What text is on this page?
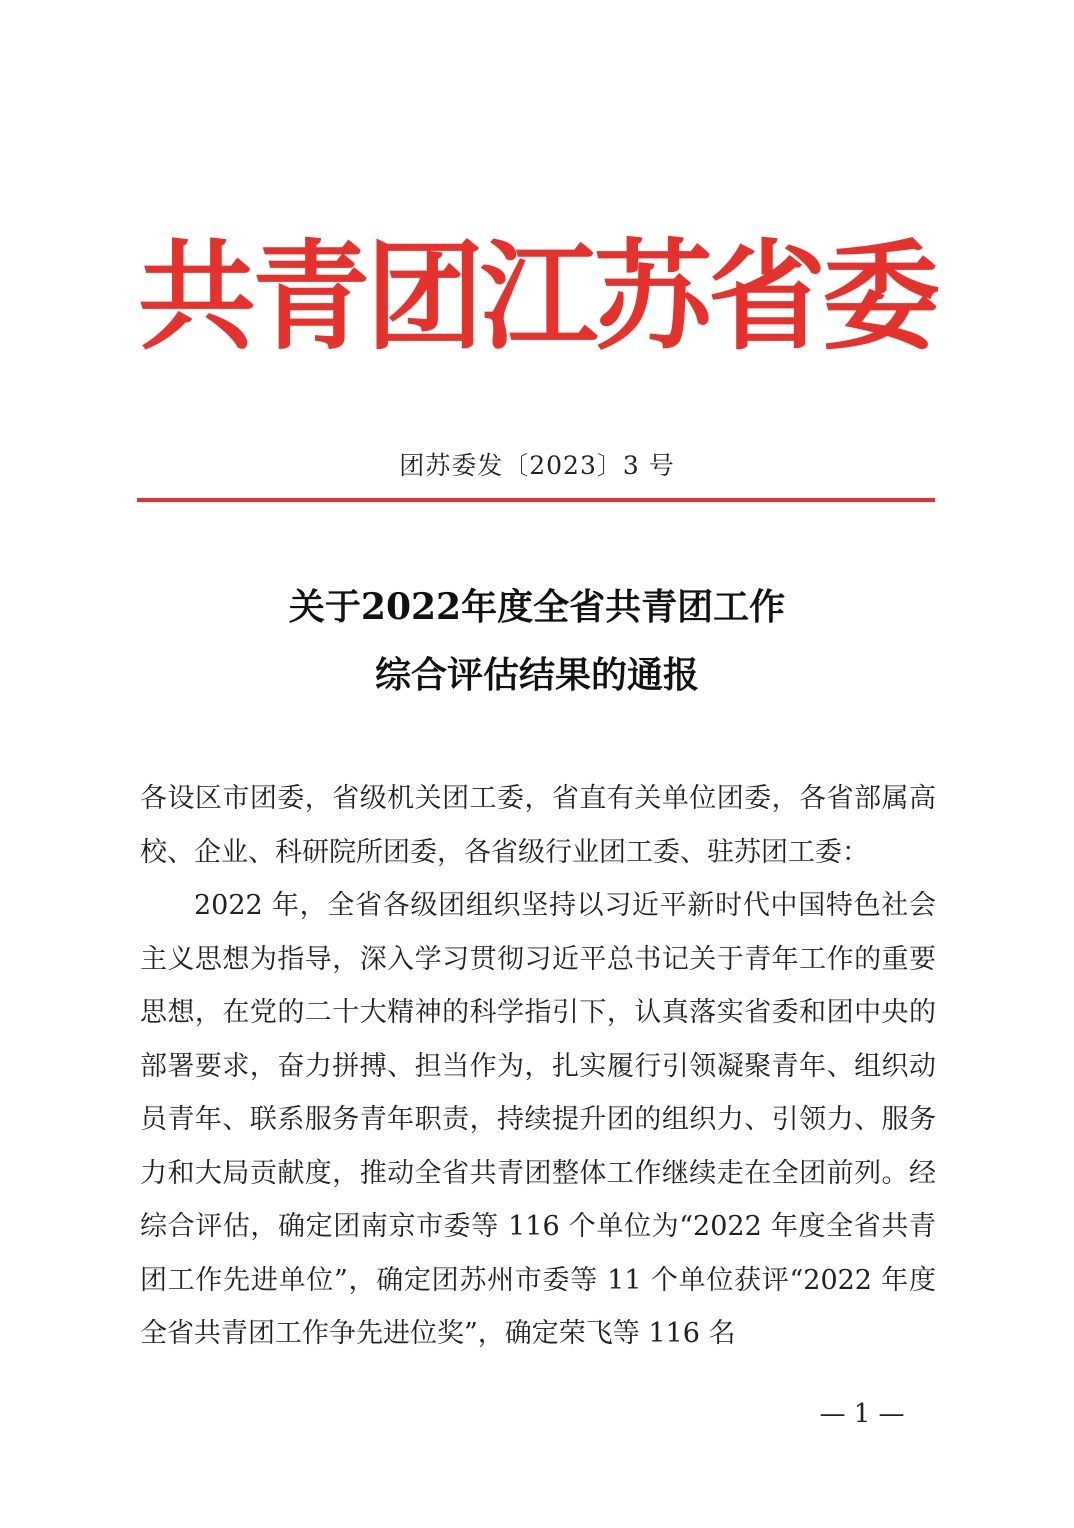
共
青
团
江
苏
省
委
团苏委发〔2023〕3 号
关于2022年度全省共青团工作
综合评估结果的通报

各设区市团委，省级机关团工委，省直有关单位团委，各省部属高校、企业、科研院所团委，各省级行业团工委、驻苏团工委：

2022 年，全省各级团组织坚持以习近平新时代中国特色社会主义思想为指导，深入学习贯彻习近平总书记关于青年工作的重要思想，在党的二十大精神的科学指引下，认真落实省委和团中央的部署要求，奋力拼搏、担当作为，扎实履行引领凝聚青年、组织动员青年、联系服务青年职责，持续提升团的组织力、引领力、服务力和大局贡献度，推动全省共青团整体工作继续走在全团前列。经综合评估，确定团南京市委等 116 个单位为“2022 年度全省共青团工作先进单位”，确定团苏州市委等 11 个单位获评“2022 年度全省共青团工作争先进位奖”，确定荣飞等 116 名

— 1 —
